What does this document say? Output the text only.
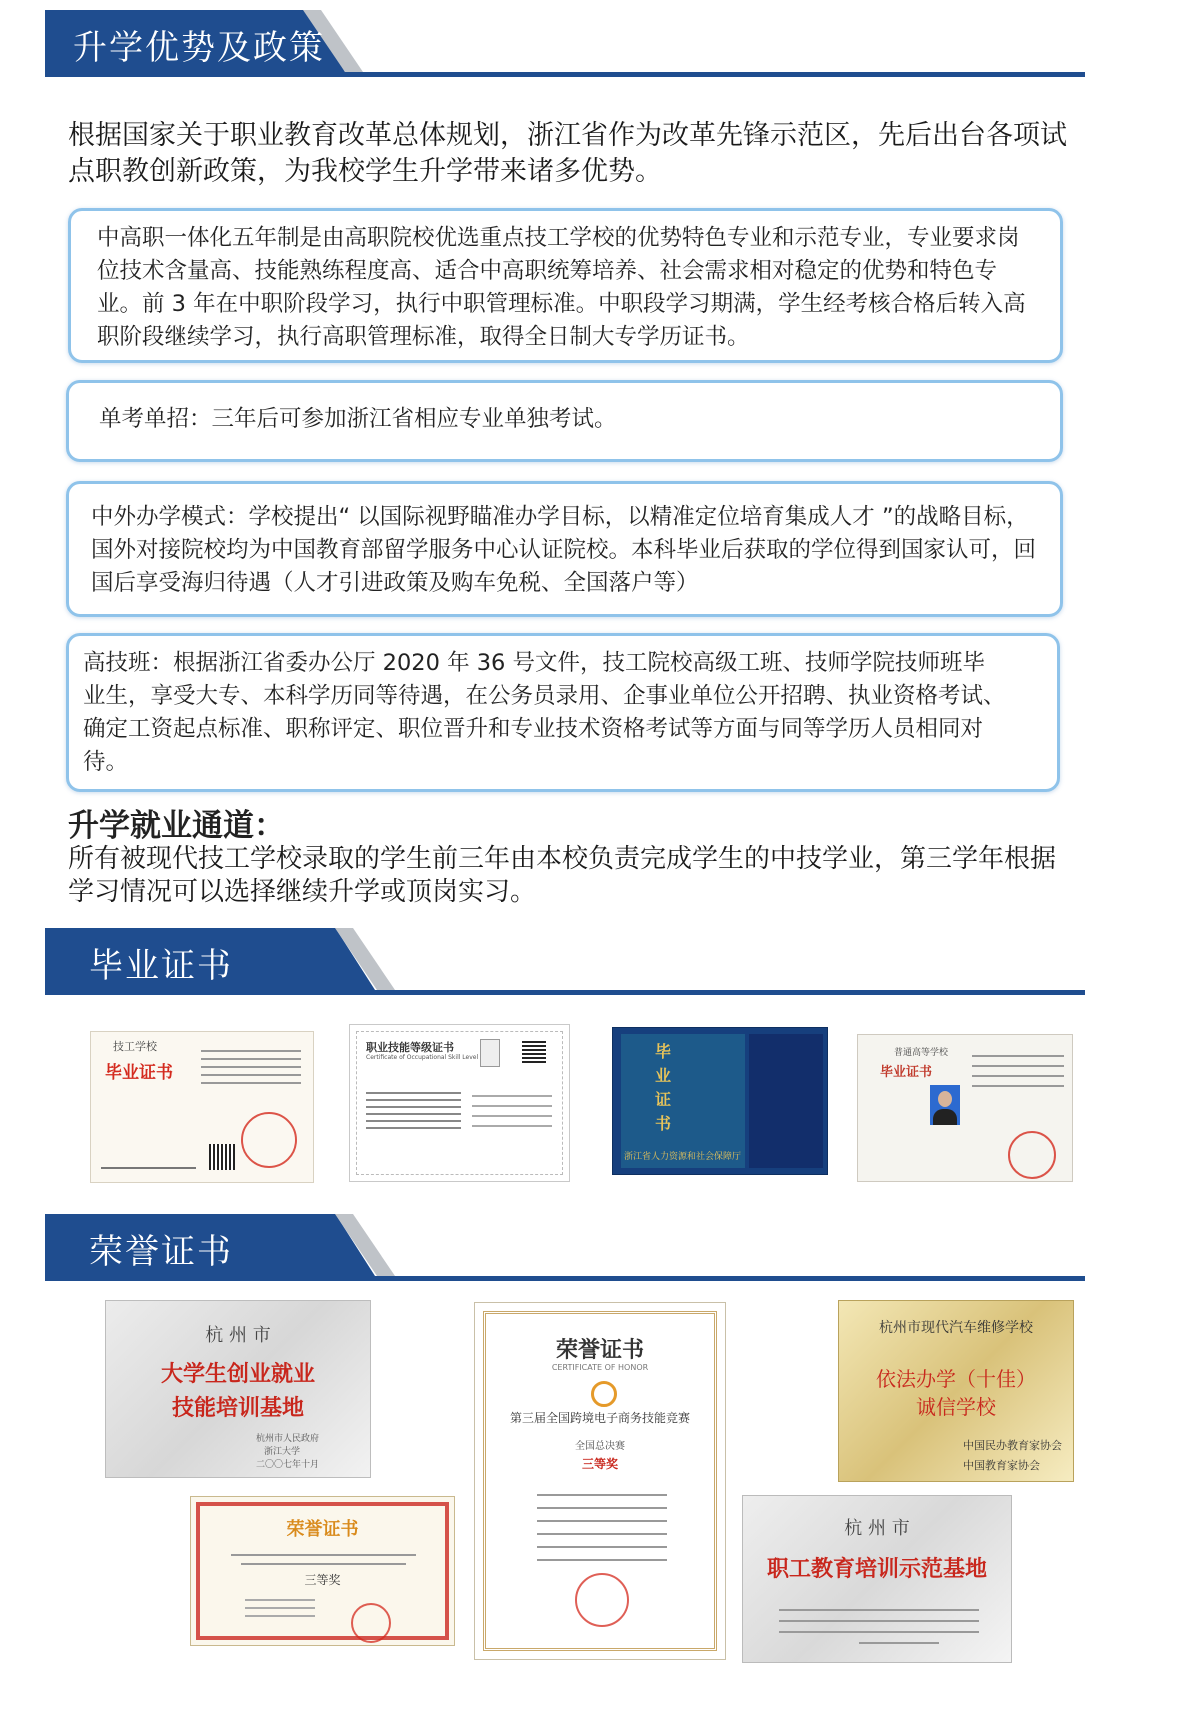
升学优势及政策
根据国家关于职业教育改革总体规划，浙江省作为改革先锋示范区，先后出台各项试点职教创新政策，为我校学生升学带来诸多优势。

中高职一体化五年制是由高职院校优选重点技工学校的优势特色专业和示范专业，专业要求岗位技术含量高、技能熟练程度高、适合中高职统筹培养、社会需求相对稳定的优势和特色专业。前 3 年在中职阶段学习，执行中职管理标准。中职段学习期满，学生经考核合格后转入高职阶段继续学习，执行高职管理标准，取得全日制大专学历证书。

单考单招：三年后可参加浙江省相应专业单独考试。

中外办学模式：学校提出“ 以国际视野瞄准办学目标，以精准定位培育集成人才 ”的战略目标，国外对接院校均为中国教育部留学服务中心认证院校。本科毕业后获取的学位得到国家认可，回国后享受海归待遇（人才引进政策及购车免税、全国落户等）

高技班：根据浙江省委办公厅 2020 年 36 号文件，技工院校高级工班、技师学院技师班毕业生，享受大专、本科学历同等待遇，在公务员录用、企事业单位公开招聘、执业资格考试、确定工资起点标准、职称评定、职位晋升和专业技术资格考试等方面与同等学历人员相同对待。

升学就业通道：
所有被现代技工学校录取的学生前三年由本校负责完成学生的中技学业，第三学年根据学习情况可以选择继续升学或顶岗实习。
毕业证书
技工学校
毕业证书
职业技能等级证书
Certificate of Occupational Skill Level	毕业证书
浙江省人力资源和社会保障厅
普通高等学校
毕业证书
荣誉证书
杭 州 市
大学生创业就业
技能培训基地
杭州市人民政府
浙江大学
二〇〇七年十月
荣誉证书
CERTIFICATE OF HONOR
第三届全国跨境电子商务技能竞赛
全国总决赛
三等奖
杭州市现代汽车维修学校
依法办学（十佳）
诚信学校
中国民办教育家协会
中国教育家协会
荣誉证书
三等奖
杭 州 市
职工教育培训示范基地
